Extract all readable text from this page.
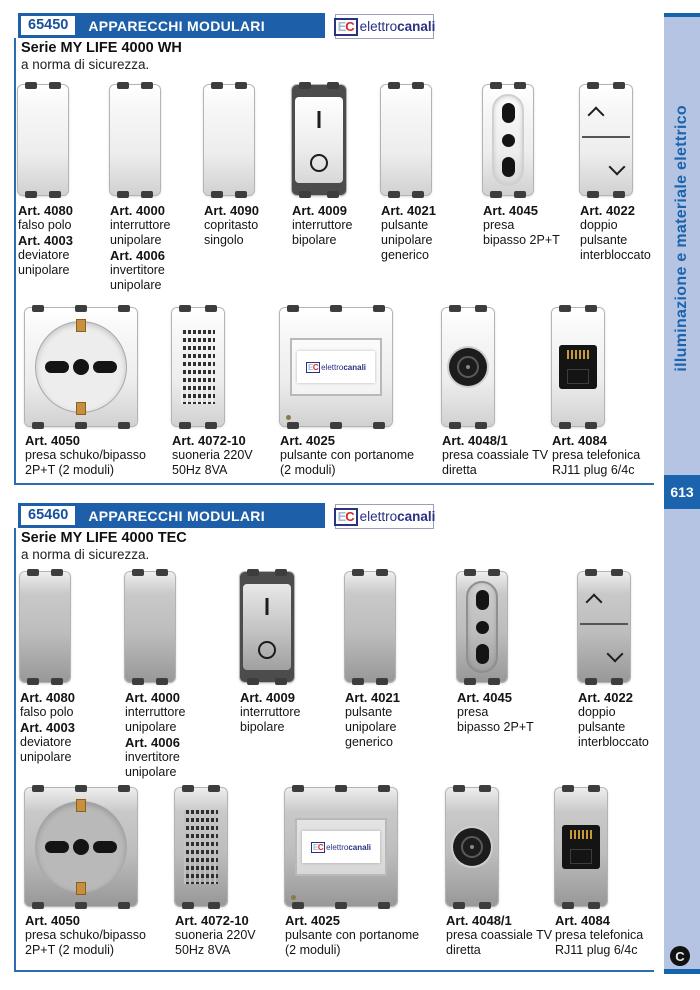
65450	APPARECCHI MODULARI	EC elettro canali
Serie MY LIFE 4000 WH
a norma di sicurezza.
Art. 4080
falso polo
Art. 4003
deviatore
unipolare
Art. 4000
interruttore
unipolare
Art. 4006
invertitore
unipolare
Art. 4090
copritasto
singolo
Art. 4009
interruttore
bipolare
Art. 4021
pulsante
unipolare
generico
Art. 4045
presa
bipasso 2P+T
Art. 4022
doppio
pulsante
interbloccato
Art. 4050
presa schuko/bipasso
2P+T (2 moduli)
Art. 4072-10
suoneria 220V
50Hz 8VA
EC elettro canali
Art. 4025
pulsante con portanome
(2 moduli)
Art. 4048/1
presa coassiale TV
diretta
Art. 4084
presa telefonica
RJ11 plug 6/4c
65460	APPARECCHI MODULARI	EC elettro canali
Serie MY LIFE 4000 TEC
a norma di sicurezza.
Art. 4080
falso polo
Art. 4003
deviatore
unipolare
Art. 4000
interruttore
unipolare
Art. 4006
invertitore
unipolare
Art. 4009
interruttore
bipolare
Art. 4021
pulsante
unipolare
generico
Art. 4045
presa
bipasso 2P+T
Art. 4022
doppio
pulsante
interbloccato
Art. 4050
presa schuko/bipasso
2P+T (2 moduli)
Art. 4072-10
suoneria 220V
50Hz 8VA
EC elettro canali
Art. 4025
pulsante con portanome
(2 moduli)
Art. 4048/1
presa coassiale TV
diretta
Art. 4084
presa telefonica
RJ11 plug 6/4c
illuminazione e materiale elettrico
613
C
